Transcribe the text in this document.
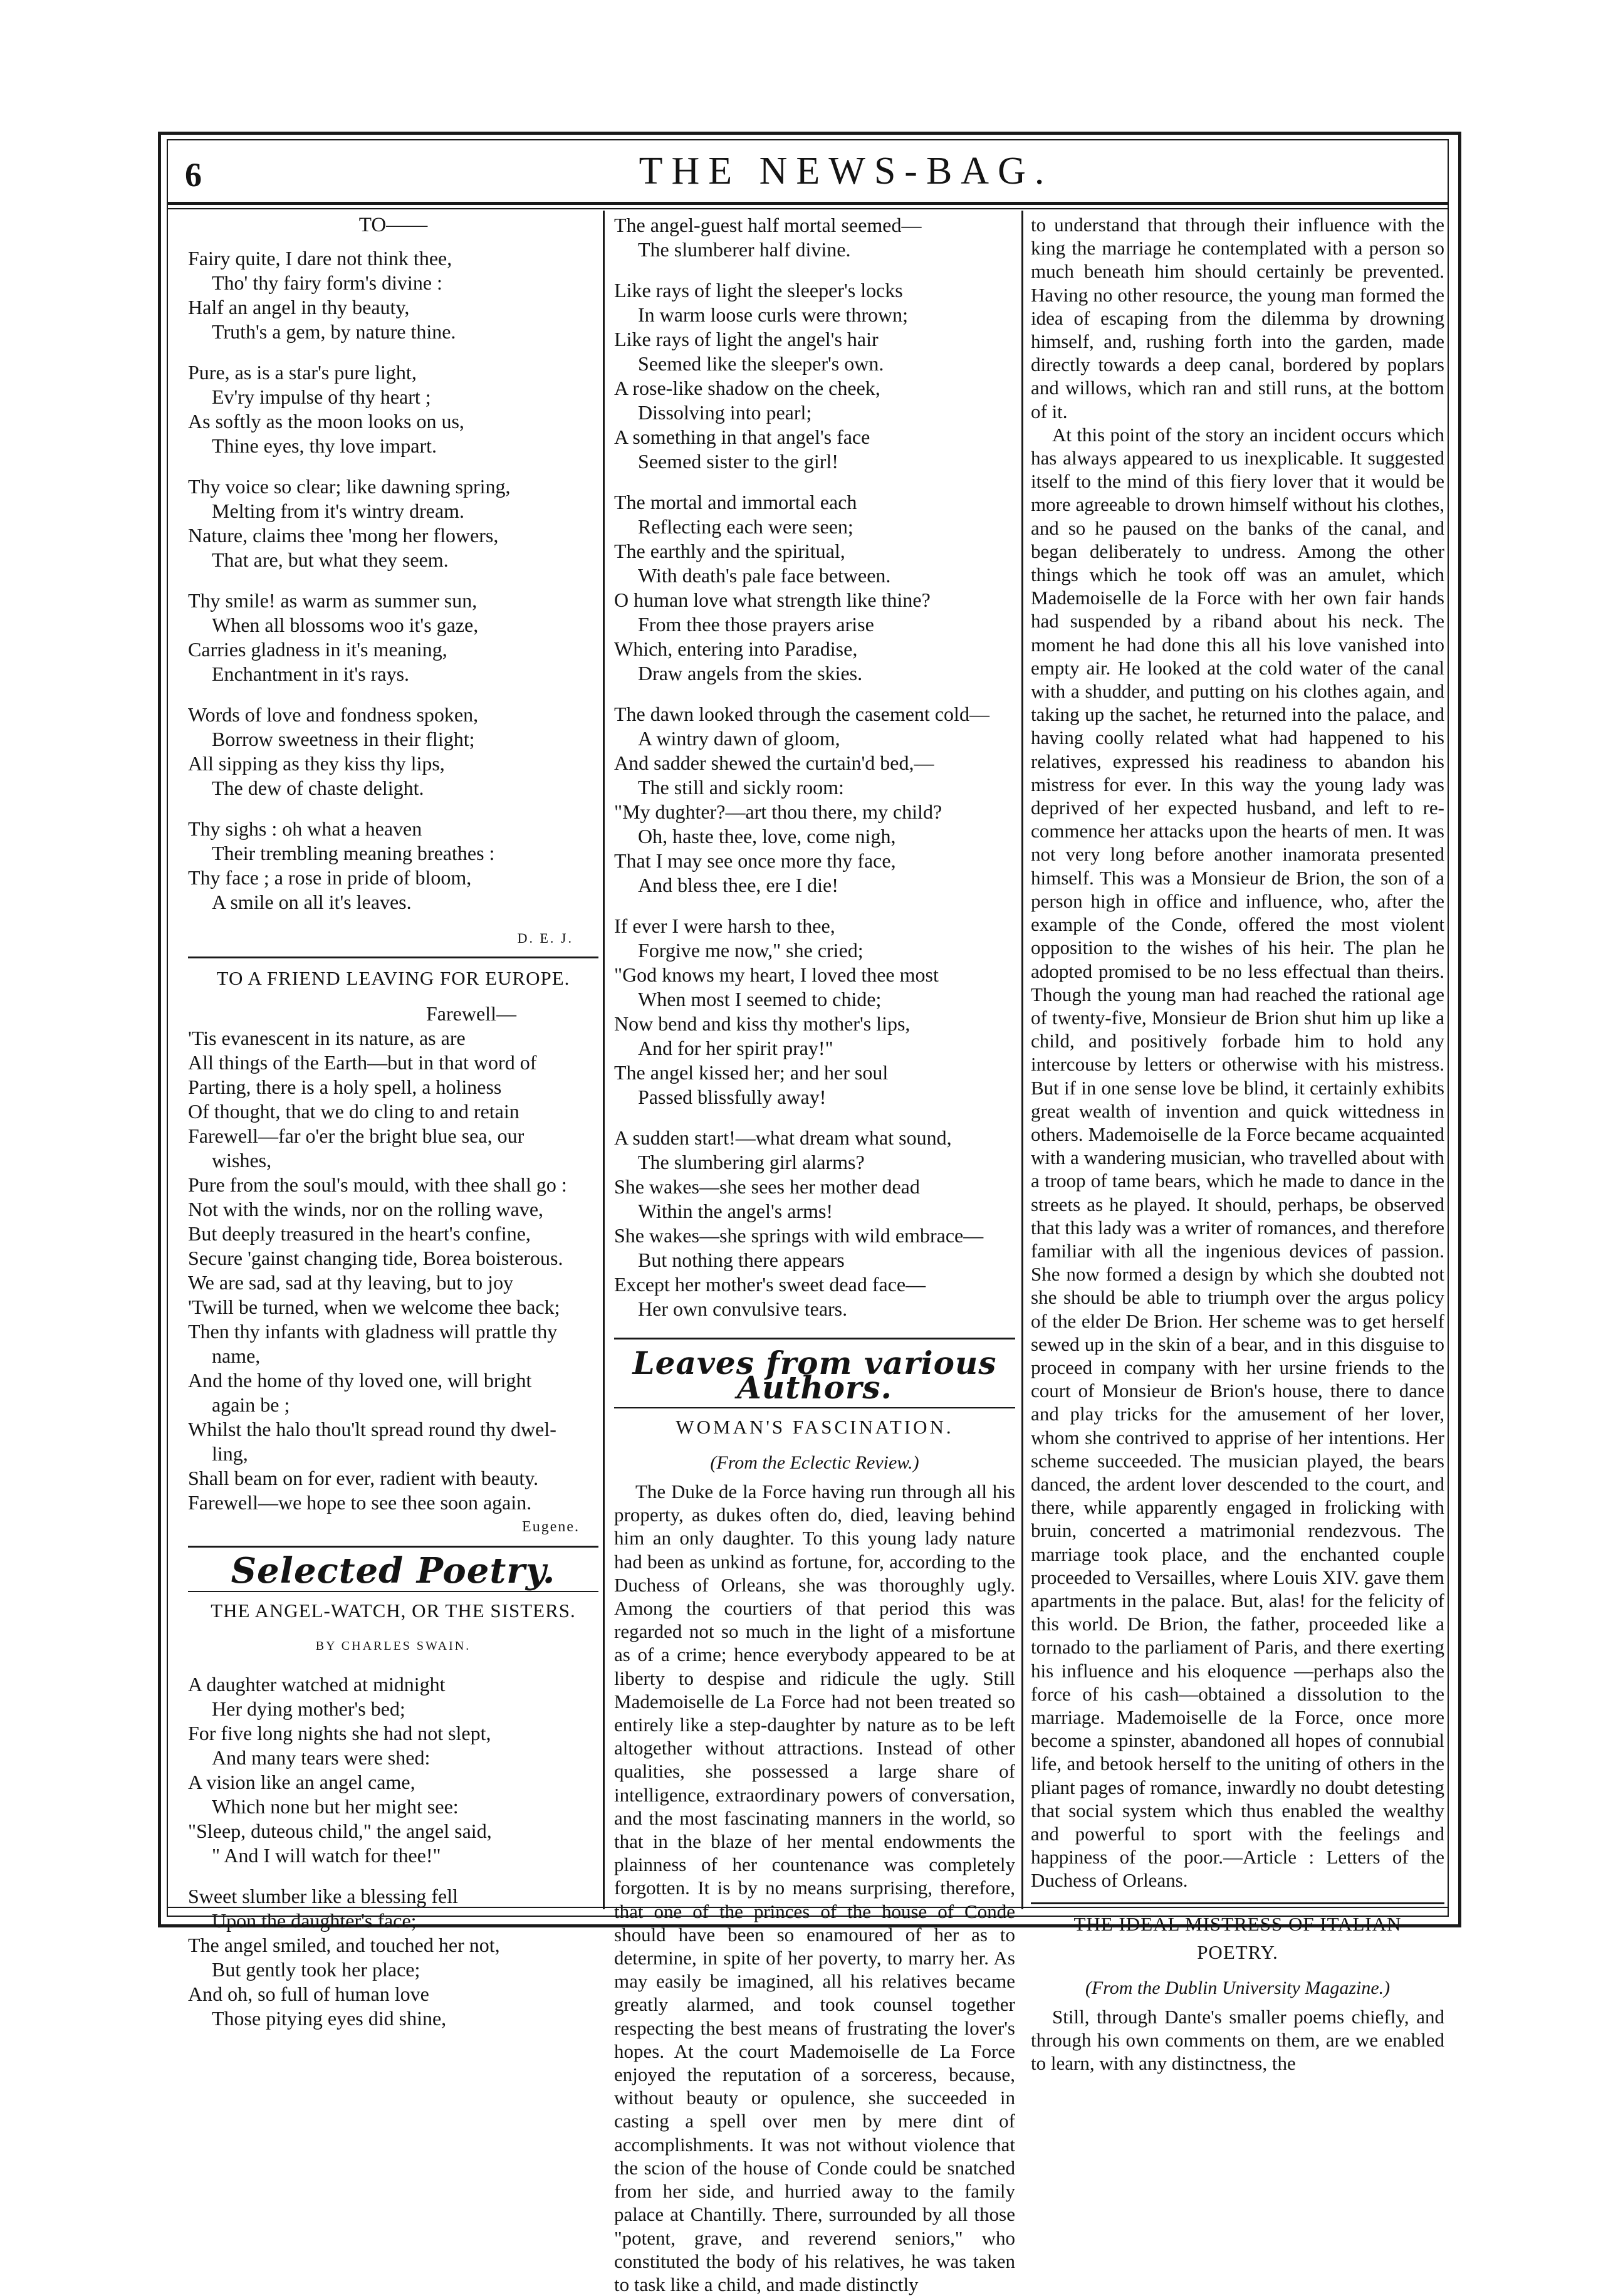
6	THE NEWS-BAG.
TO——
Fairy quite, I dare not think thee,
Tho' thy fairy form's divine :
Half an angel in thy beauty,
Truth's a gem, by nature thine.
Pure, as is a star's pure light,
Ev'ry impulse of thy heart ;
As softly as the moon looks on us,
Thine eyes, thy love impart.
Thy voice so clear; like dawning spring,
Melting from it's wintry dream.
Nature, claims thee 'mong her flowers,
That are, but what they seem.
Thy smile! as warm as summer sun,
When all blossoms woo it's gaze,
Carries gladness in it's meaning,
Enchantment in it's rays.
Words of love and fondness spoken,
Borrow sweetness in their flight;
All sipping as they kiss thy lips,
The dew of chaste delight.
Thy sighs : oh what a heaven
Their trembling meaning breathes :
Thy face ; a rose in pride of bloom,
A smile on all it's leaves.
D. E. J.
TO A FRIEND LEAVING FOR EUROPE.
Farewell—
'Tis evanescent in its nature, as are
All things of the Earth—but in that word of
Parting, there is a holy spell, a holiness
Of thought, that we do cling to and retain
Farewell—far o'er the bright blue sea, our
wishes,
Pure from the soul's mould, with thee shall go :
Not with the winds, nor on the rolling wave,
But deeply treasured in the heart's confine,
Secure 'gainst changing tide, Borea boisterous.
We are sad, sad at thy leaving, but to joy
'Twill be turned, when we welcome thee back;
Then thy infants with gladness will prattle thy
name,
And the home of thy loved one, will bright
again be ;
Whilst the halo thou'lt spread round thy dwel-
ling,
Shall beam on for ever, radient with beauty.
Farewell—we hope to see thee soon again.
Eugene.
Selected Poetry.
THE ANGEL-WATCH, OR THE SISTERS.
BY CHARLES SWAIN.
A daughter watched at midnight
Her dying mother's bed;
For five long nights she had not slept,
And many tears were shed:
A vision like an angel came,
Which none but her might see:
"Sleep, duteous child," the angel said,
" And I will watch for thee!"
Sweet slumber like a blessing fell
Upon the daughter's face;
The angel smiled, and touched her not,
But gently took her place;
And oh, so full of human love
Those pitying eyes did shine,
The angel-guest half mortal seemed—
The slumberer half divine.
Like rays of light the sleeper's locks
In warm loose curls were thrown;
Like rays of light the angel's hair
Seemed like the sleeper's own.
A rose-like shadow on the cheek,
Dissolving into pearl;
A something in that angel's face
Seemed sister to the girl!
The mortal and immortal each
Reflecting each were seen;
The earthly and the spiritual,
With death's pale face between.
O human love what strength like thine?
From thee those prayers arise
Which, entering into Paradise,
Draw angels from the skies.
The dawn looked through the casement cold—
A wintry dawn of gloom,
And sadder shewed the curtain'd bed,—
The still and sickly room:
"My dughter?—art thou there, my child?
Oh, haste thee, love, come nigh,
That I may see once more thy face,
And bless thee, ere I die!
If ever I were harsh to thee,
Forgive me now," she cried;
"God knows my heart, I loved thee most
When most I seemed to chide;
Now bend and kiss thy mother's lips,
And for her spirit pray!"
The angel kissed her; and her soul
Passed blissfully away!
A sudden start!—what dream what sound,
The slumbering girl alarms?
She wakes—she sees her mother dead
Within the angel's arms!
She wakes—she springs with wild embrace—
But nothing there appears
Except her mother's sweet dead face—
Her own convulsive tears.
Leaves from various Authors.
WOMAN'S FASCINATION.
(From the Eclectic Review.)

The Duke de la Force having run through all his property, as dukes often do, died, leaving behind him an only daughter. To this young lady nature had been as unkind as fortune, for, according to the Duchess of Orleans, she was thoroughly ugly. Among the courtiers of that period this was regarded not so much in the light of a misfortune as of a crime; hence everybody appeared to be at liberty to despise and ridicule the ugly. Still Mademoiselle de La Force had not been treated so entirely like a step-daughter by nature as to be left altogether without attractions. Instead of other qualities, she possessed a large share of intelligence, extraordinary powers of conversation, and the most fascinating manners in the world, so that in the blaze of her mental endowments the plainness of her countenance was completely forgotten. It is by no means surprising, therefore, that one of the princes of the house of Conde should have been so enamoured of her as to determine, in spite of her poverty, to marry her. As may easily be imagined, all his relatives became greatly alarmed, and took counsel together respecting the best means of frustrating the lover's hopes. At the court Mademoiselle de La Force enjoyed the reputation of a sorceress, because, without beauty or opulence, she succeeded in casting a spell over men by mere dint of accomplishments. It was not without violence that the scion of the house of Conde could be snatched from her side, and hurried away to the family palace at Chantilly. There, surrounded by all those "potent, grave, and reverend seniors," who constituted the body of his relatives, he was taken to task like a child, and made distinctly

to understand that through their influence with the king the marriage he contemplated with a person so much beneath him should certainly be prevented. Having no other resource, the young man formed the idea of escaping from the dilemma by drowning himself, and, rushing forth into the garden, made directly towards a deep canal, bordered by poplars and willows, which ran and still runs, at the bottom of it.

At this point of the story an incident occurs which has always appeared to us inexplicable. It suggested itself to the mind of this fiery lover that it would be more agreeable to drown himself without his clothes, and so he paused on the banks of the canal, and began deliberately to undress. Among the other things which he took off was an amulet, which Mademoiselle de la Force with her own fair hands had suspended by a riband about his neck. The moment he had done this all his love vanished into empty air. He looked at the cold water of the canal with a shudder, and putting on his clothes again, and taking up the sachet, he returned into the palace, and having coolly related what had happened to his relatives, expressed his readiness to abandon his mistress for ever. In this way the young lady was deprived of her expected husband, and left to re-commence her attacks upon the hearts of men. It was not very long before another inamorata presented himself. This was a Monsieur de Brion, the son of a person high in office and influence, who, after the example of the Conde, offered the most violent opposition to the wishes of his heir. The plan he adopted promised to be no less effectual than theirs. Though the young man had reached the rational age of twenty-five, Monsieur de Brion shut him up like a child, and positively forbade him to hold any intercouse by letters or otherwise with his mistress. But if in one sense love be blind, it certainly exhibits great wealth of invention and quick wittedness in others. Mademoiselle de la Force became acquainted with a wandering musician, who travelled about with a troop of tame bears, which he made to dance in the streets as he played. It should, perhaps, be observed that this lady was a writer of romances, and therefore familiar with all the ingenious devices of passion. She now formed a design by which she doubted not she should be able to triumph over the argus policy of the elder De Brion. Her scheme was to get herself sewed up in the skin of a bear, and in this disguise to proceed in company with her ursine friends to the court of Monsieur de Brion's house, there to dance and play tricks for the amusement of her lover, whom she contrived to apprise of her intentions. Her scheme succeeded. The musician played, the bears danced, the ardent lover descended to the court, and there, while apparently engaged in frolicking with bruin, concerted a matrimonial rendezvous. The marriage took place, and the enchanted couple proceeded to Versailles, where Louis XIV. gave them apartments in the palace. But, alas! for the felicity of this world. De Brion, the father, proceeded like a tornado to the parliament of Paris, and there exerting his influence and his eloquence —perhaps also the force of his cash—obtained a dissolution to the marriage. Mademoiselle de la Force, once more become a spinster, abandoned all hopes of connubial life, and betook herself to the uniting of others in the pliant pages of romance, inwardly no doubt detesting that social system which thus enabled the wealthy and powerful to sport with the feelings and happiness of the poor.—Article : Letters of the Duchess of Orleans.

THE IDEAL MISTRESS OF ITALIAN
POETRY.
(From the Dublin University Magazine.)

Still, through Dante's smaller poems chiefly, and through his own comments on them, are we enabled to learn, with any distinctness, the
